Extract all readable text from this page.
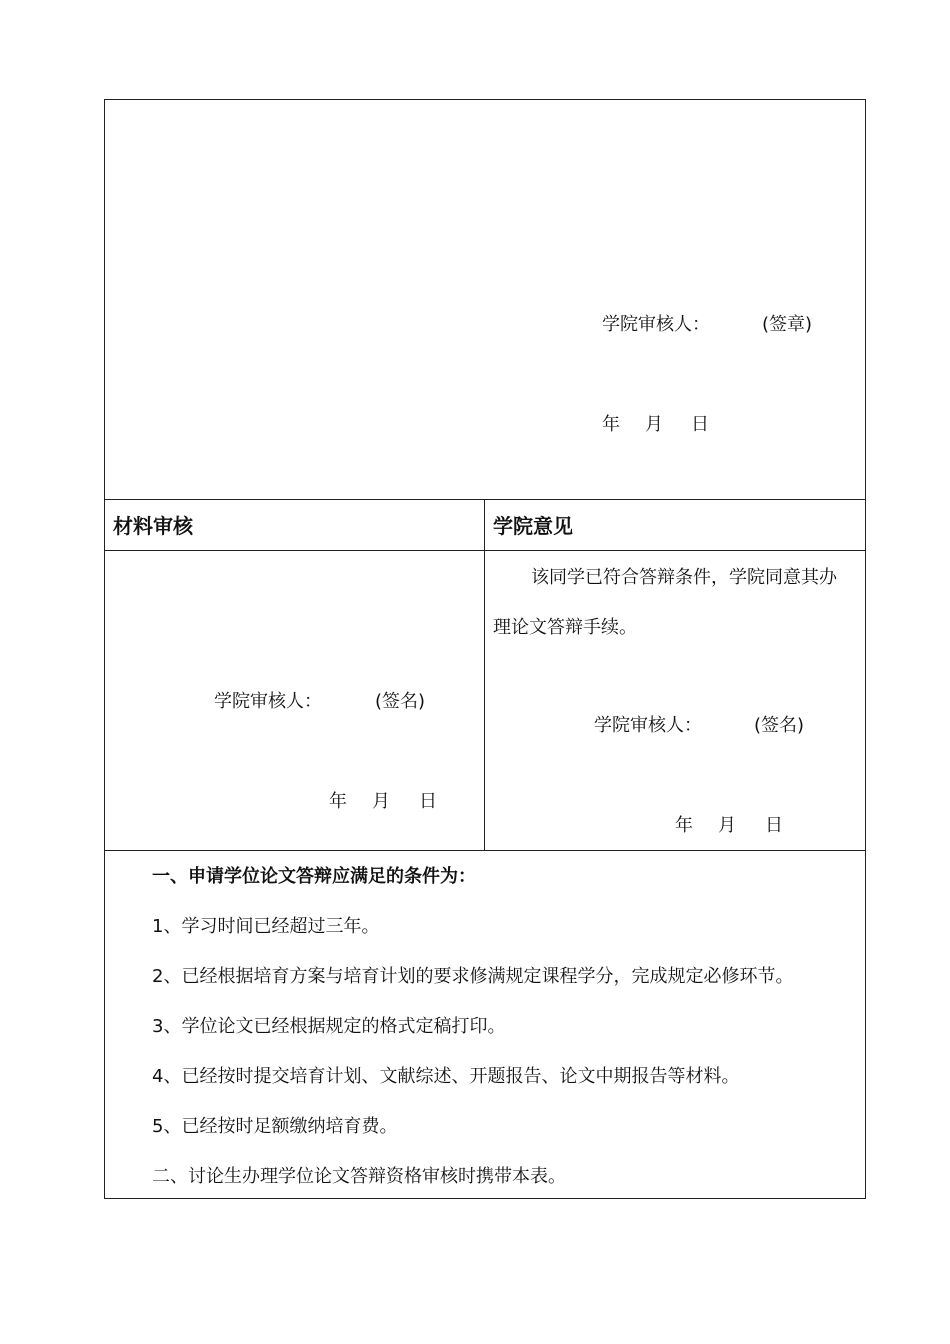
学院审核人：	(签章)
年 月 日
材料审核	学院意见
学院审核人：	(签名)
年 月 日
该同学已符合答辩条件，学院同意其办
理论文答辩手续。
学院审核人：	(签名)
年 月 日
一、申请学位论文答辩应满足的条件为：
1、学习时间已经超过三年。
2、已经根据培育方案与培育计划的要求修满规定课程学分，完成规定必修环节。
3、学位论文已经根据规定的格式定稿打印。
4、已经按时提交培育计划、文献综述、开题报告、论文中期报告等材料。
5、已经按时足额缴纳培育费。
二、讨论生办理学位论文答辩资格审核时携带本表。
